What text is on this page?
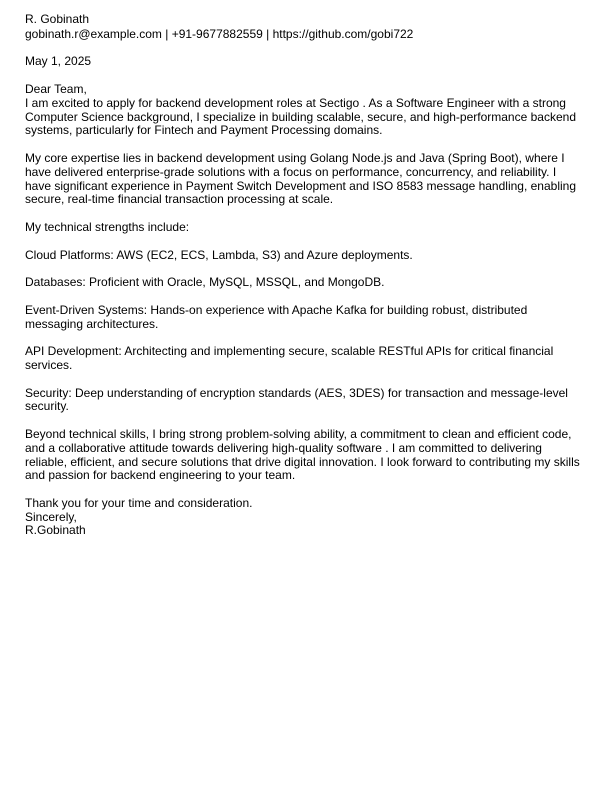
R. Gobinath
gobinath.r@example.com | +91-9677882559 | https://github.com/gobi722
May 1, 2025
Dear Team,
I am excited to apply for backend development roles at Sectigo . As a Software Engineer with a strong
Computer Science background, I specialize in building scalable, secure, and high-performance backend
systems, particularly for Fintech and Payment Processing domains.
My core expertise lies in backend development using Golang Node.js and Java (Spring Boot), where I
have delivered enterprise-grade solutions with a focus on performance, concurrency, and reliability. I
have significant experience in Payment Switch Development and ISO 8583 message handling, enabling
secure, real-time financial transaction processing at scale.
My technical strengths include:
Cloud Platforms: AWS (EC2, ECS, Lambda, S3) and Azure deployments.
Databases: Proficient with Oracle, MySQL, MSSQL, and MongoDB.
Event-Driven Systems: Hands-on experience with Apache Kafka for building robust, distributed
messaging architectures.
API Development: Architecting and implementing secure, scalable RESTful APIs for critical financial
services.
Security: Deep understanding of encryption standards (AES, 3DES) for transaction and message-level
security.
Beyond technical skills, I bring strong problem-solving ability, a commitment to clean and efficient code,
and a collaborative attitude towards delivering high-quality software . I am committed to delivering
reliable, efficient, and secure solutions that drive digital innovation. I look forward to contributing my skills
and passion for backend engineering to your team.
Thank you for your time and consideration.
Sincerely,
R.Gobinath
